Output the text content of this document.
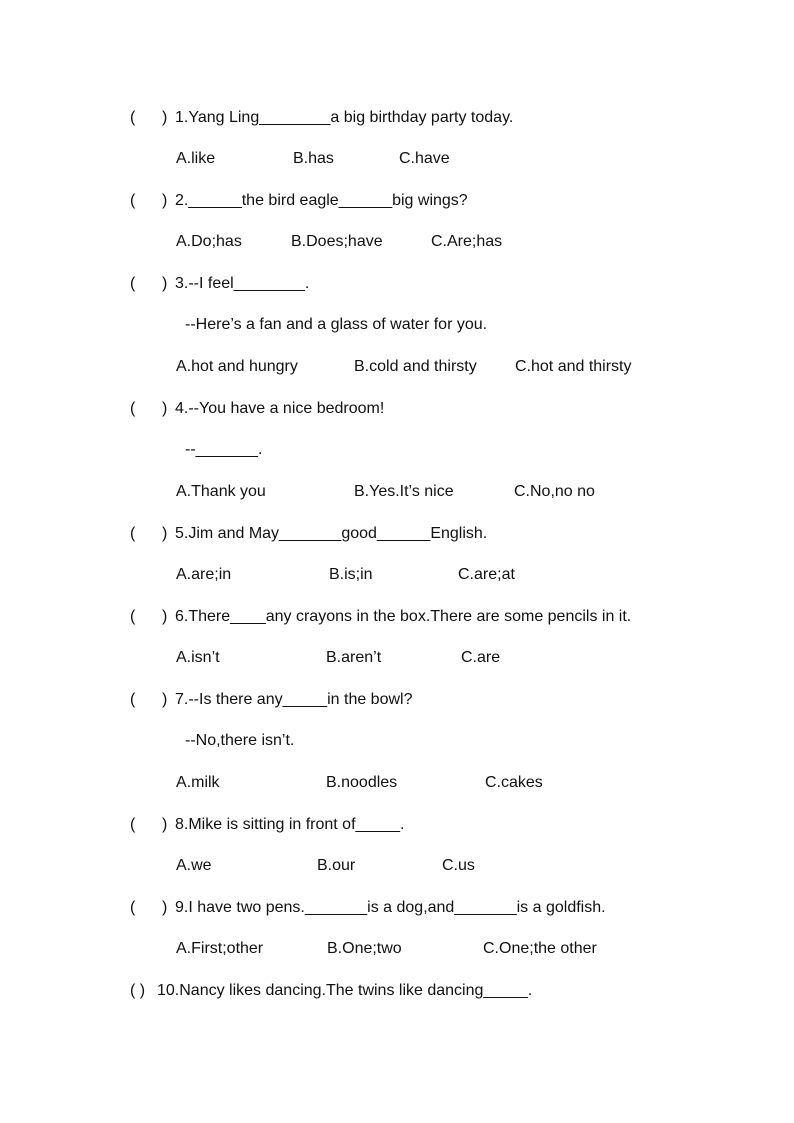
(      ) 1.Yang Ling________a big birthday party today.
A.like	B.has	C.have
(      ) 2.______the bird eagle______big wings?
A.Do;has	B.Does;have	C.Are;has
(      ) 3.--I feel________.
--Here’s a fan and a glass of water for you.
A.hot and hungry	B.cold and thirsty C.hot and thirsty
(      ) 4.--You have a nice bedroom!
--_______.
A.Thank you	B.Yes.It’s nice	C.No,no no
(      ) 5.Jim and May_______good______English.
A.are;in	B.is;in	C.are;at
(      ) 6.There____any crayons in the box.There are some pencils in it.
A.isn’t	B.aren’t	C.are
(      ) 7.--Is there any_____in the bowl?
--No,there isn’t.
A.milk	B.noodles	C.cakes
(      ) 8.Mike is sitting in front of_____.
A.we	B.our	C.us
(      ) 9.I have two pens._______is a dog,and_______is a goldfish.
A.First;other	B.One;two	C.One;the other
( ) 10.Nancy likes dancing.The twins like dancing_____.
